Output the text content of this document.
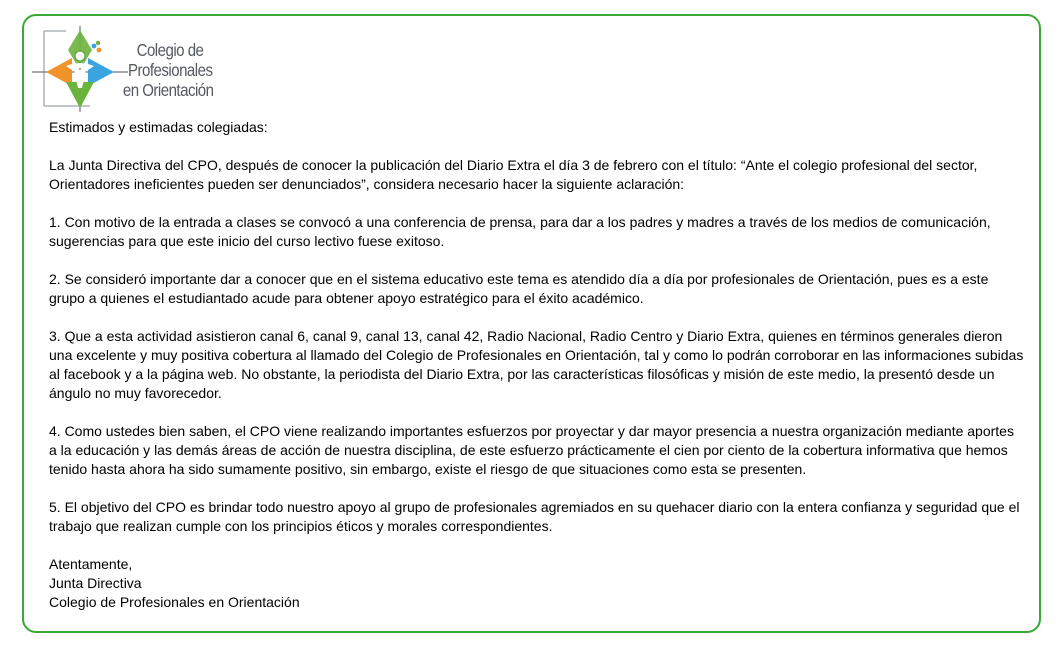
Colegio de
Profesionales
en Orientación

Estimados y estimadas colegiadas:

La Junta Directiva del CPO, después de conocer la publicación del Diario Extra el día 3 de febrero con el título: “Ante el colegio profesional del sector, Orientadores ineficientes pueden ser denunciados”, considera necesario hacer la siguiente aclaración:

1. Con motivo de la entrada a clases se convocó a una conferencia de prensa, para dar a los padres y madres a través de los medios de comunicación, sugerencias para que este inicio del curso lectivo fuese exitoso.

2. Se consideró importante dar a conocer que en el sistema educativo este tema es atendido día a día por profesionales de Orientación, pues es a este grupo a quienes el estudiantado acude para obtener apoyo estratégico para el éxito académico.

3. Que a esta actividad asistieron canal 6, canal 9, canal 13, canal 42, Radio Nacional, Radio Centro y Diario Extra, quienes en términos generales dieron una excelente y muy positiva cobertura al llamado del Colegio de Profesionales en Orientación, tal y como lo podrán corroborar en las informaciones subidas al facebook y a la página web. No obstante, la periodista del Diario Extra, por las características filosóficas y misión de este medio, la presentó desde un ángulo no muy favorecedor.

4. Como ustedes bien saben, el CPO viene realizando importantes esfuerzos por proyectar y dar mayor presencia a nuestra organización mediante aportes a la educación y las demás áreas de acción de nuestra disciplina, de este esfuerzo prácticamente el cien por ciento de la cobertura informativa que hemos tenido hasta ahora ha sido sumamente positivo, sin embargo, existe el riesgo de que situaciones como esta se presenten.

5. El objetivo del CPO es brindar todo nuestro apoyo al grupo de profesionales agremiados en su quehacer diario con la entera confianza y seguridad que el trabajo que realizan cumple con los principios éticos y morales correspondientes.

Atentamente,

Junta Directiva

Colegio de Profesionales en Orientación
